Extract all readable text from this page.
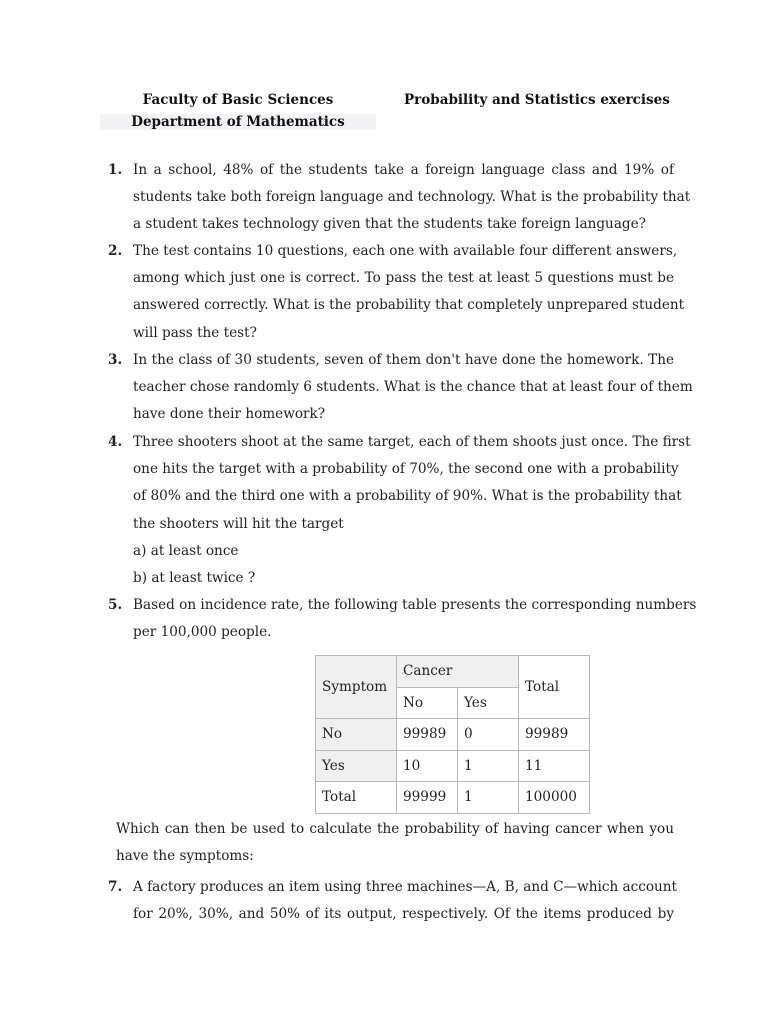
Faculty of Basic Sciences
Department of Mathematics
Probability and Statistics exercises
1. In a school, 48% of the students take a foreign language class and 19% of
students take both foreign language and technology. What is the probability that
a student takes technology given that the students take foreign language?
2. The test contains 10 questions, each one with available four different answers,
among which just one is correct. To pass the test at least 5 questions must be
answered correctly. What is the probability that completely unprepared student
will pass the test?
3. In the class of 30 students, seven of them don't have done the homework. The
teacher chose randomly 6 students. What is the chance that at least four of them
have done their homework?
4. Three shooters shoot at the same target, each of them shoots just once. The first
one hits the target with a probability of 70%, the second one with a probability
of 80% and the third one with a probability of 90%. What is the probability that
the shooters will hit the target
a) at least once
b) at least twice ?
5. Based on incidence rate, the following table presents the corresponding numbers
per 100,000 people.
Symptom	Cancer		Total
	No	Yes	
No	99989	0	99989
Yes	10	1	11
Total	99999	1	100000
Which can then be used to calculate the probability of having cancer when you
have the symptoms:
7. A factory produces an item using three machines—A, B, and C—which account
for 20%, 30%, and 50% of its output, respectively. Of the items produced by
